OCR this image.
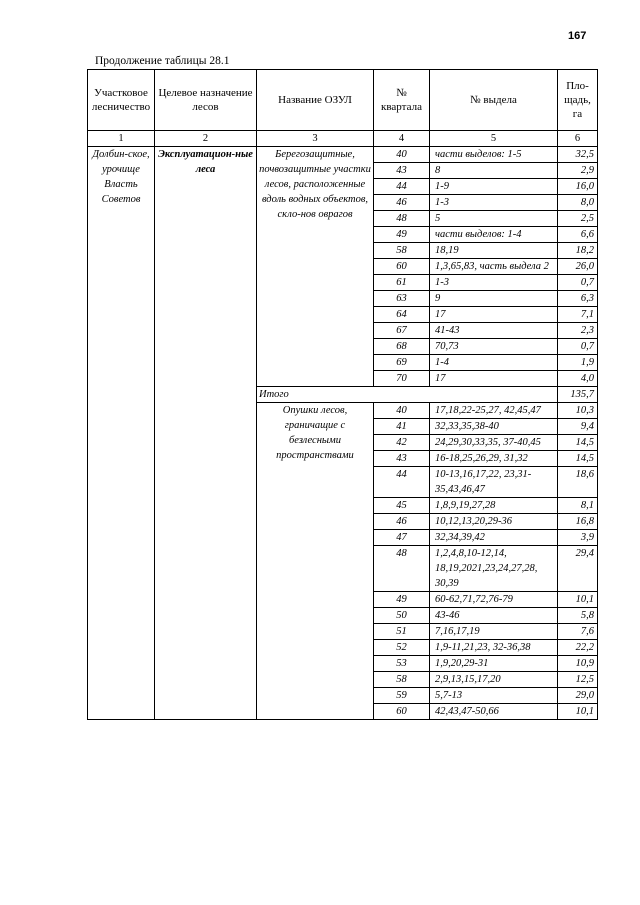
167
Продолжение таблицы 28.1
Участковое лесничество	Целевое назначение лесов	Название ОЗУЛ	№ квартала	№ выдела	Пло-щадь, га
1	2	3	4	5	6
Долбин-ское, урочище Власть Советов	Эксплуатацион-ные леса	Берегозащитные, почвозащитные участки лесов, расположенные вдоль водных объектов, скло-нов оврагов	40	части выделов: 1-5	32,5
			43	8	2,9
			44	1-9	16,0
			46	1-3	8,0
			48	5	2,5
			49	части выделов: 1-4	6,6
			58	18,19	18,2
			60	1,3,65,83, часть выдела 2	26,0
			61	1-3	0,7
			63	9	6,3
			64	17	7,1
			67	41-43	2,3
			68	70,73	0,7
			69	1-4	1,9
			70	17	4,0
		Итого			135,7
		Опушки лесов, граничащие с безлесными пространствами	40	17,18,22-25,27, 42,45,47	10,3
			41	32,33,35,38-40	9,4
			42	24,29,30,33,35, 37-40,45	14,5
			43	16-18,25,26,29, 31,32	14,5
			44	10-13,16,17,22, 23,31-35,43,46,47	18,6
			45	1,8,9,19,27,28	8,1
			46	10,12,13,20,29-36	16,8
			47	32,34,39,42	3,9
			48	1,2,4,8,10-12,14, 18,19,2021,23,24,27,28, 30,39	29,4
			49	60-62,71,72,76-79	10,1
			50	43-46	5,8
			51	7,16,17,19	7,6
			52	1,9-11,21,23, 32-36,38	22,2
			53	1,9,20,29-31	10,9
			58	2,9,13,15,17,20	12,5
			59	5,7-13	29,0
			60	42,43,47-50,66	10,1
